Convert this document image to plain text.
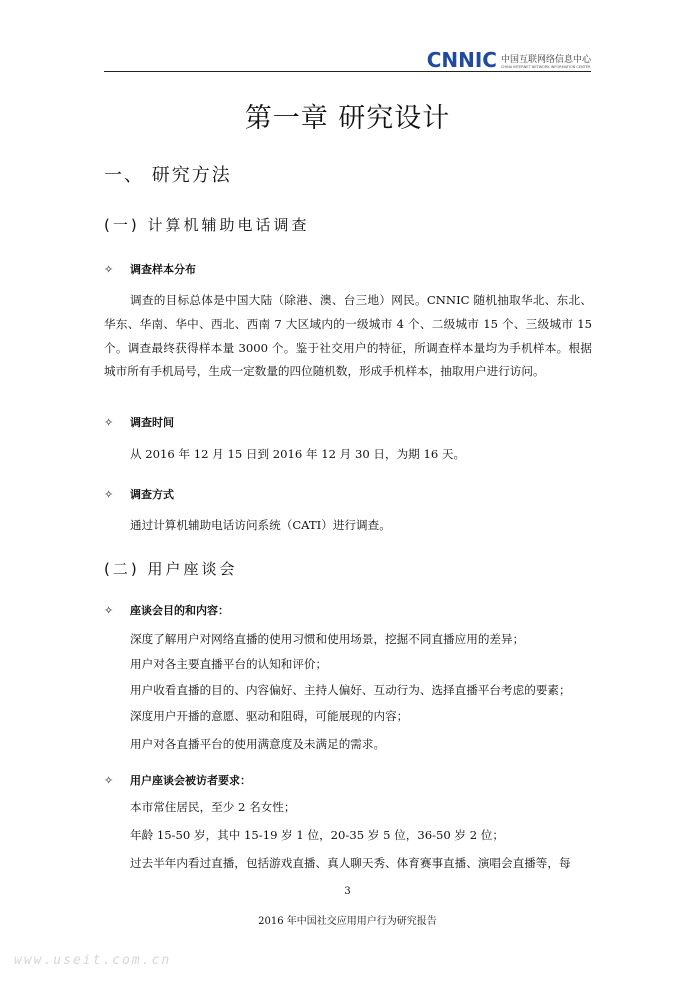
CNNIC 中国互联网络信息中心
CHINA INTERNET NETWORK INFORMATION CENTER
第一章 研究设计
一、 研究方法
(一) 计算机辅助电话调查
✧	调查样本分布
调查的目标总体是中国大陆（除港、澳、台三地）网民。CNNIC 随机抽取华北、东北、华东、华南、华中、西北、西南 7 大区域内的一级城市 4 个、二级城市 15 个、三级城市 15 个。调查最终获得样本量 3000 个。鉴于社交用户的特征，所调查样本量均为手机样本。根据城市所有手机局号，生成一定数量的四位随机数，形成手机样本，抽取用户进行访问。
✧	调查时间
从 2016 年 12 月 15 日到 2016 年 12 月 30 日，为期 16 天。
✧	调查方式
通过计算机辅助电话访问系统（CATI）进行调查。
(二) 用户座谈会
✧	座谈会目的和内容：
深度了解用户对网络直播的使用习惯和使用场景，挖掘不同直播应用的差异；
用户对各主要直播平台的认知和评价；
用户收看直播的目的、内容偏好、主持人偏好、互动行为、选择直播平台考虑的要素；
深度用户开播的意愿、驱动和阻碍，可能展现的内容；
用户对各直播平台的使用满意度及未满足的需求。
✧	用户座谈会被访者要求：
本市常住居民，至少 2 名女性；
年龄 15-50 岁，其中 15-19 岁 1 位，20-35 岁 5 位，36-50 岁 2 位；
过去半年内看过直播，包括游戏直播、真人聊天秀、体育赛事直播、演唱会直播等，每
3
2016 年中国社交应用用户行为研究报告
www.useit.com.cn
